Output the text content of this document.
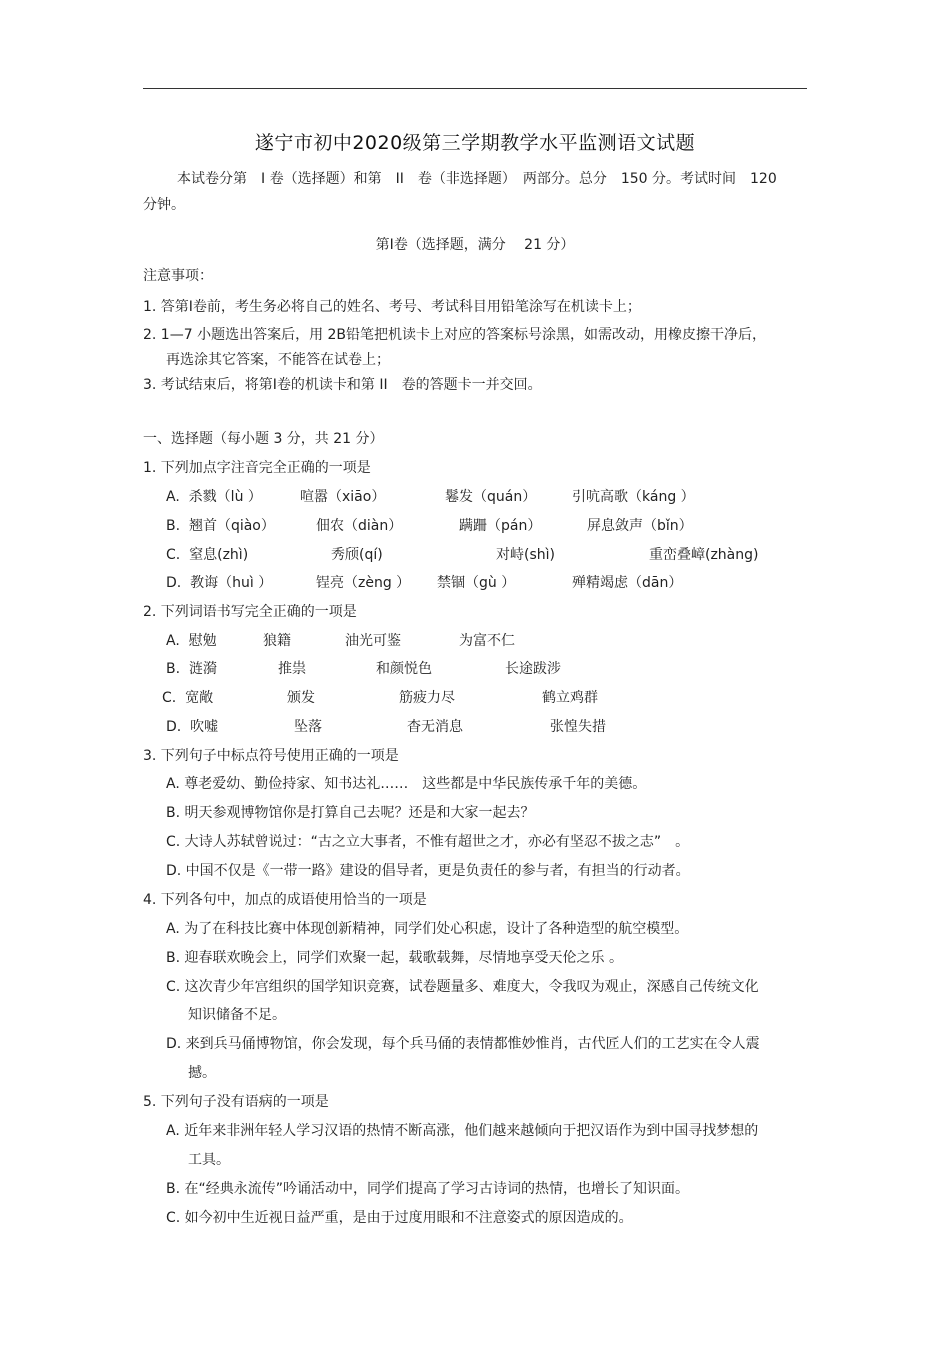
遂宁市初中2020级第三学期教学水平监测语文试题
本试卷分第　I 卷（选择题）和第　II　卷（非选择题）　两部分。总分　150 分。考试时间　120
分钟。
第Ⅰ卷（选择题，满分　 21 分）
注意事项：
1. 答第Ⅰ卷前，考生务必将自己的姓名、考号、考试科目用铅笔涂写在机读卡上；
2. 1—7 小题选出答案后，用 2B铅笔把机读卡上对应的答案标号涂黑，如需改动，用橡皮擦干净后，
再选涂其它答案，不能答在试卷上；
3. 考试结束后，将第Ⅰ卷的机读卡和第 II　卷的答题卡一并交回。
一、选择题（每小题 3 分，共 21 分）
1. 下列加点字注音完全正确的一项是
A.  杀戮（lù ）	喧嚣（xiāo）	鬈发（quán）	引吭高歌（káng ）
B.  翘首（qiào）	佃农（diàn）	蹒跚（pán）	屏息敛声（bǐn）
C.  窒息(zhì)	秀颀(qí)	对峙(shì)	重峦叠嶂(zhàng)
D.  教诲（huì ）	锃亮（zèng ） 禁锢（gù ）	殚精竭虑（dān）
2. 下列词语书写完全正确的一项是
A.  慰勉	狼籍	油光可鉴	为富不仁
B.  涟漪	推祟	和颜悦色	长途跋涉
C.  宽敞	颁发	筋疲力尽	鹤立鸡群
D.  吹嘘	坠落	杳无消息	张惶失措
3. 下列句子中标点符号使用正确的一项是
A. 尊老爱幼、勤俭持家、知书达礼……　这些都是中华民族传承千年的美德。
B. 明天参观博物馆你是打算自己去呢？还是和大家一起去？
C. 大诗人苏轼曾说过：“古之立大事者，不惟有超世之才，亦必有坚忍不拔之志”　。
D. 中国不仅是《一带一路》建设的倡导者，更是负责任的参与者，有担当的行动者。
4. 下列各句中，加点的成语使用恰当的一项是
A. 为了在科技比赛中体现创新精神，同学们处心积虑，设计了各种造型的航空模型。
B. 迎春联欢晚会上，同学们欢聚一起，载歌载舞，尽情地享受天伦之乐 。
C. 这次青少年宫组织的国学知识竞赛，试卷题量多、难度大，令我叹为观止，深感自己传统文化
知识储备不足。
D. 来到兵马俑博物馆，你会发现，每个兵马俑的表情都惟妙惟肖，古代匠人们的工艺实在令人震
撼。
5. 下列句子没有语病的一项是
A. 近年来非洲年轻人学习汉语的热情不断高涨，他们越来越倾向于把汉语作为到中国寻找梦想的
工具。
B. 在“经典永流传”吟诵活动中，同学们提高了学习古诗词的热情，也增长了知识面。
C. 如今初中生近视日益严重，是由于过度用眼和不注意姿式的原因造成的。
